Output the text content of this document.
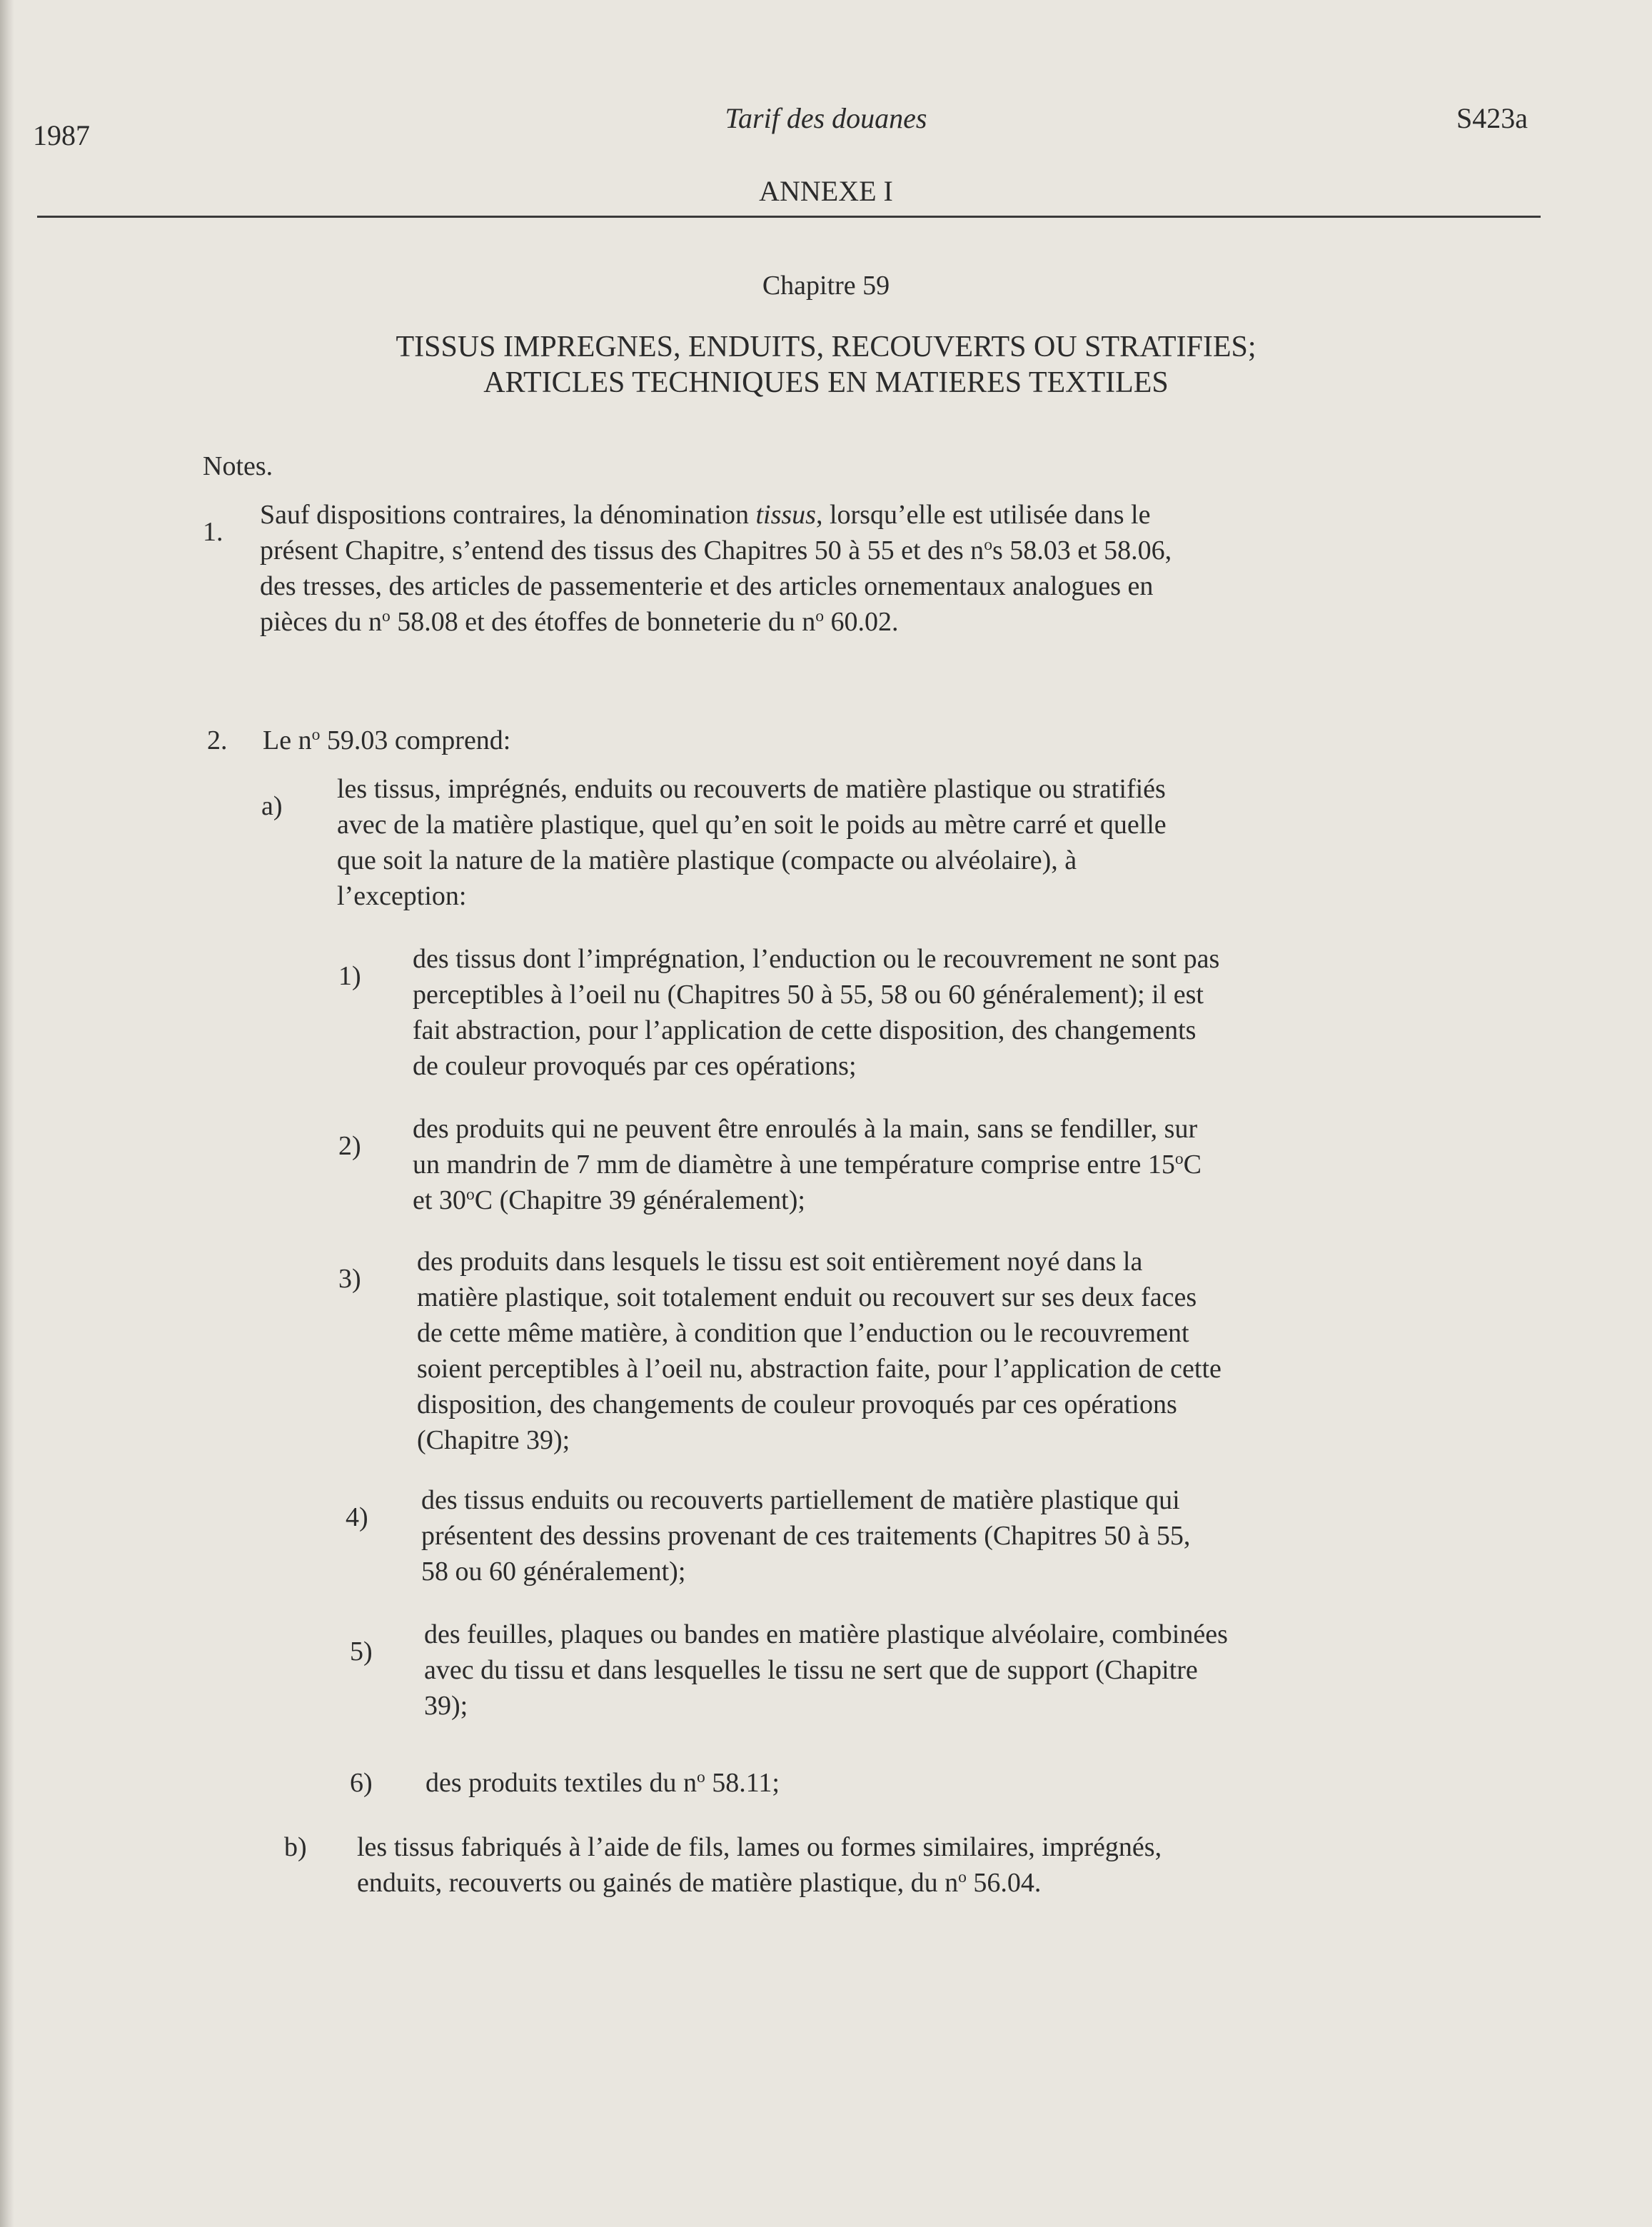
1987
Tarif des douanes	S423a
ANNEXE I
Chapitre 59
TISSUS IMPREGNES, ENDUITS, RECOUVERTS OU STRATIFIES;
ARTICLES TECHNIQUES EN MATIERES TEXTILES
Notes.
1.
Sauf dispositions contraires, la dénomination tissus, lorsqu’elle est utilisée dans le
présent Chapitre, s’entend des tissus des Chapitres 50 à 55 et des $n^os$ 58.03 et 58.06,
des tresses, des articles de passementerie et des articles ornementaux analogues en
pièces du $n^o$ 58.08 et des étoffes de bonneterie du $n^o$ 60.02.
2. Le $n^o$ 59.03 comprend:
a)
les tissus, imprégnés, enduits ou recouverts de matière plastique ou stratifiés
avec de la matière plastique, quel qu’en soit le poids au mètre carré et quelle
que soit la nature de la matière plastique (compacte ou alvéolaire), à
l’exception:
1)
des tissus dont l’imprégnation, l’enduction ou le recouvrement ne sont pas
perceptibles à l’oeil nu (Chapitres 50 à 55, 58 ou 60 généralement); il est
fait abstraction, pour l’application de cette disposition, des changements
de couleur provoqués par ces opérations;
2)
des produits qui ne peuvent être enroulés à la main, sans se fendiller, sur
un mandrin de 7 mm de diamètre à une température comprise entre 15$^o$C
et 30$^o$C (Chapitre 39 généralement);
3)
des produits dans lesquels le tissu est soit entièrement noyé dans la
matière plastique, soit totalement enduit ou recouvert sur ses deux faces
de cette même matière, à condition que l’enduction ou le recouvrement
soient perceptibles à l’oeil nu, abstraction faite, pour l’application de cette
disposition, des changements de couleur provoqués par ces opérations
(Chapitre 39);
4)
des tissus enduits ou recouverts partiellement de matière plastique qui
présentent des dessins provenant de ces traitements (Chapitres 50 à 55,
58 ou 60 généralement);
5)
des feuilles, plaques ou bandes en matière plastique alvéolaire, combinées
avec du tissu et dans lesquelles le tissu ne sert que de support (Chapitre
39);
6) des produits textiles du $n^o$ 58.11;
b) les tissus fabriqués à l’aide de fils, lames ou formes similaires, imprégnés,
enduits, recouverts ou gainés de matière plastique, du $n^o$ 56.04.
